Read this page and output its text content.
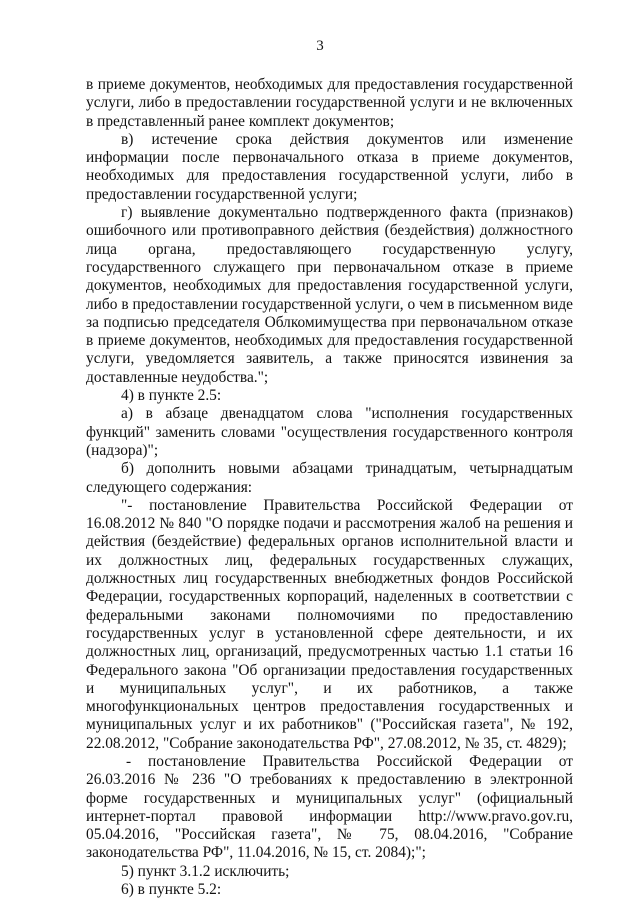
3

в приеме документов, необходимых для предоставления государственной услуги, либо в предоставлении государственной услуги и не включенных в представленный ранее комплект документов;

в) истечение срока действия документов или изменение информации после первоначального отказа в приеме документов, необходимых для предоставления государственной услуги, либо в предоставлении государственной услуги;

г) выявление документально подтвержденного факта (признаков) ошибочного или противоправного действия (бездействия) должностного лица органа, предоставляющего государственную услугу, государственного служащего при первоначальном отказе в приеме документов, необходимых для предоставления государственной услуги, либо в предоставлении государственной услуги, о чем в письменном виде за подписью председателя Облкомимущества при первоначальном отказе в приеме документов, необходимых для предоставления государственной услуги, уведомляется заявитель, а также приносятся извинения за доставленные неудобства.";

4) в пункте 2.5:

а) в абзаце двенадцатом слова "исполнения государственных функций" заменить словами "осуществления государственного контроля (надзора)";

б) дополнить новыми абзацами тринадцатым, четырнадцатым следующего содержания:

"- постановление Правительства Российской Федерации от 16.08.2012 № 840 "О порядке подачи и рассмотрения жалоб на решения и действия (бездействие) федеральных органов исполнительной власти и их должностных лиц, федеральных государственных служащих, должностных лиц государственных внебюджетных фондов Российской Федерации, государственных корпораций, наделенных в соответствии с федеральными законами полномочиями по предоставлению государственных услуг в установленной сфере деятельности, и их должностных лиц, организаций, предусмотренных частью 1.1 статьи 16 Федерального закона "Об организации предоставления государственных и муниципальных услуг", и их работников, а также многофункциональных центров предоставления государственных и муниципальных услуг и их работников" ("Российская газета", № 192, 22.08.2012, "Собрание законодательства РФ", 27.08.2012, № 35, ст. 4829);

- постановление Правительства Российской Федерации от 26.03.2016 № 236 "О требованиях к предоставлению в электронной форме государственных и муниципальных услуг" (официальный интернет-портал правовой информации http://www.pravo.gov.ru, 05.04.2016, "Российская газета", № 75, 08.04.2016, "Собрание законодательства РФ", 11.04.2016, № 15, ст. 2084);";

5) пункт 3.1.2 исключить;

6) в пункте 5.2:
